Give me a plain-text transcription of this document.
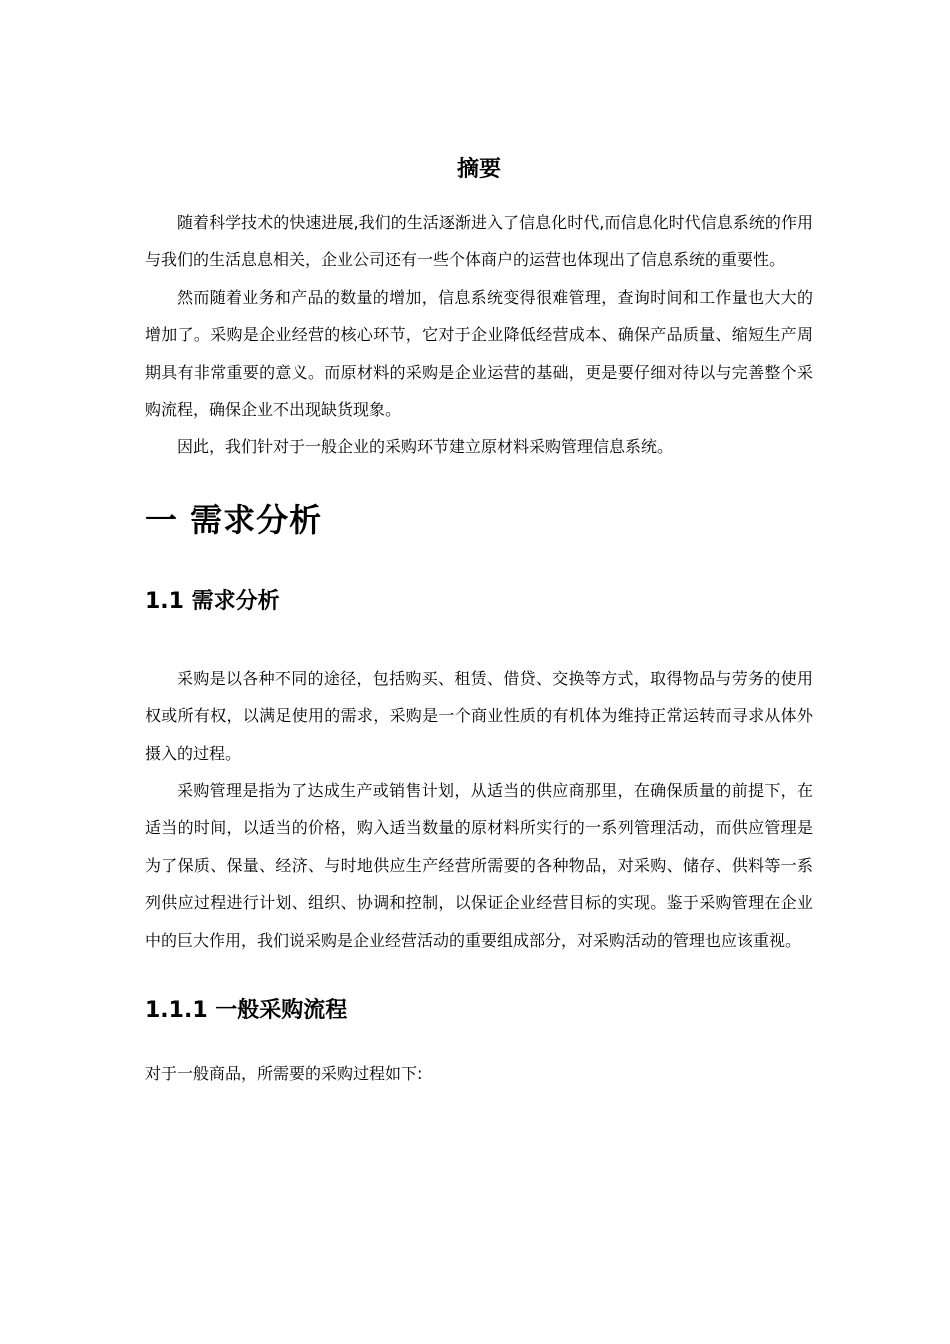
摘要

随着科学技术的快速进展,我们的生活逐渐进入了信息化时代,而信息化时代信息系统的作用与我们的生活息息相关，企业公司还有一些个体商户的运营也体现出了信息系统的重要性。

然而随着业务和产品的数量的增加，信息系统变得很难管理，查询时间和工作量也大大的增加了。采购是企业经营的核心环节，它对于企业降低经营成本、确保产品质量、缩短生产周期具有非常重要的意义。而原材料的采购是企业运营的基础，更是要仔细对待以与完善整个采购流程，确保企业不出现缺货现象。

因此，我们针对于一般企业的采购环节建立原材料采购管理信息系统。

一 需求分析
1.1 需求分析

采购是以各种不同的途径，包括购买、租赁、借贷、交换等方式，取得物品与劳务的使用权或所有权，以满足使用的需求，采购是一个商业性质的有机体为维持正常运转而寻求从体外摄入的过程。

采购管理是指为了达成生产或销售计划，从适当的供应商那里，在确保质量的前提下，在适当的时间，以适当的价格，购入适当数量的原材料所实行的一系列管理活动，而供应管理是为了保质、保量、经济、与时地供应生产经营所需要的各种物品，对采购、储存、供料等一系列供应过程进行计划、组织、协调和控制，以保证企业经营目标的实现。鉴于采购管理在企业中的巨大作用，我们说采购是企业经营活动的重要组成部分，对采购活动的管理也应该重视。

1.1.1 一般采购流程

对于一般商品，所需要的采购过程如下:
